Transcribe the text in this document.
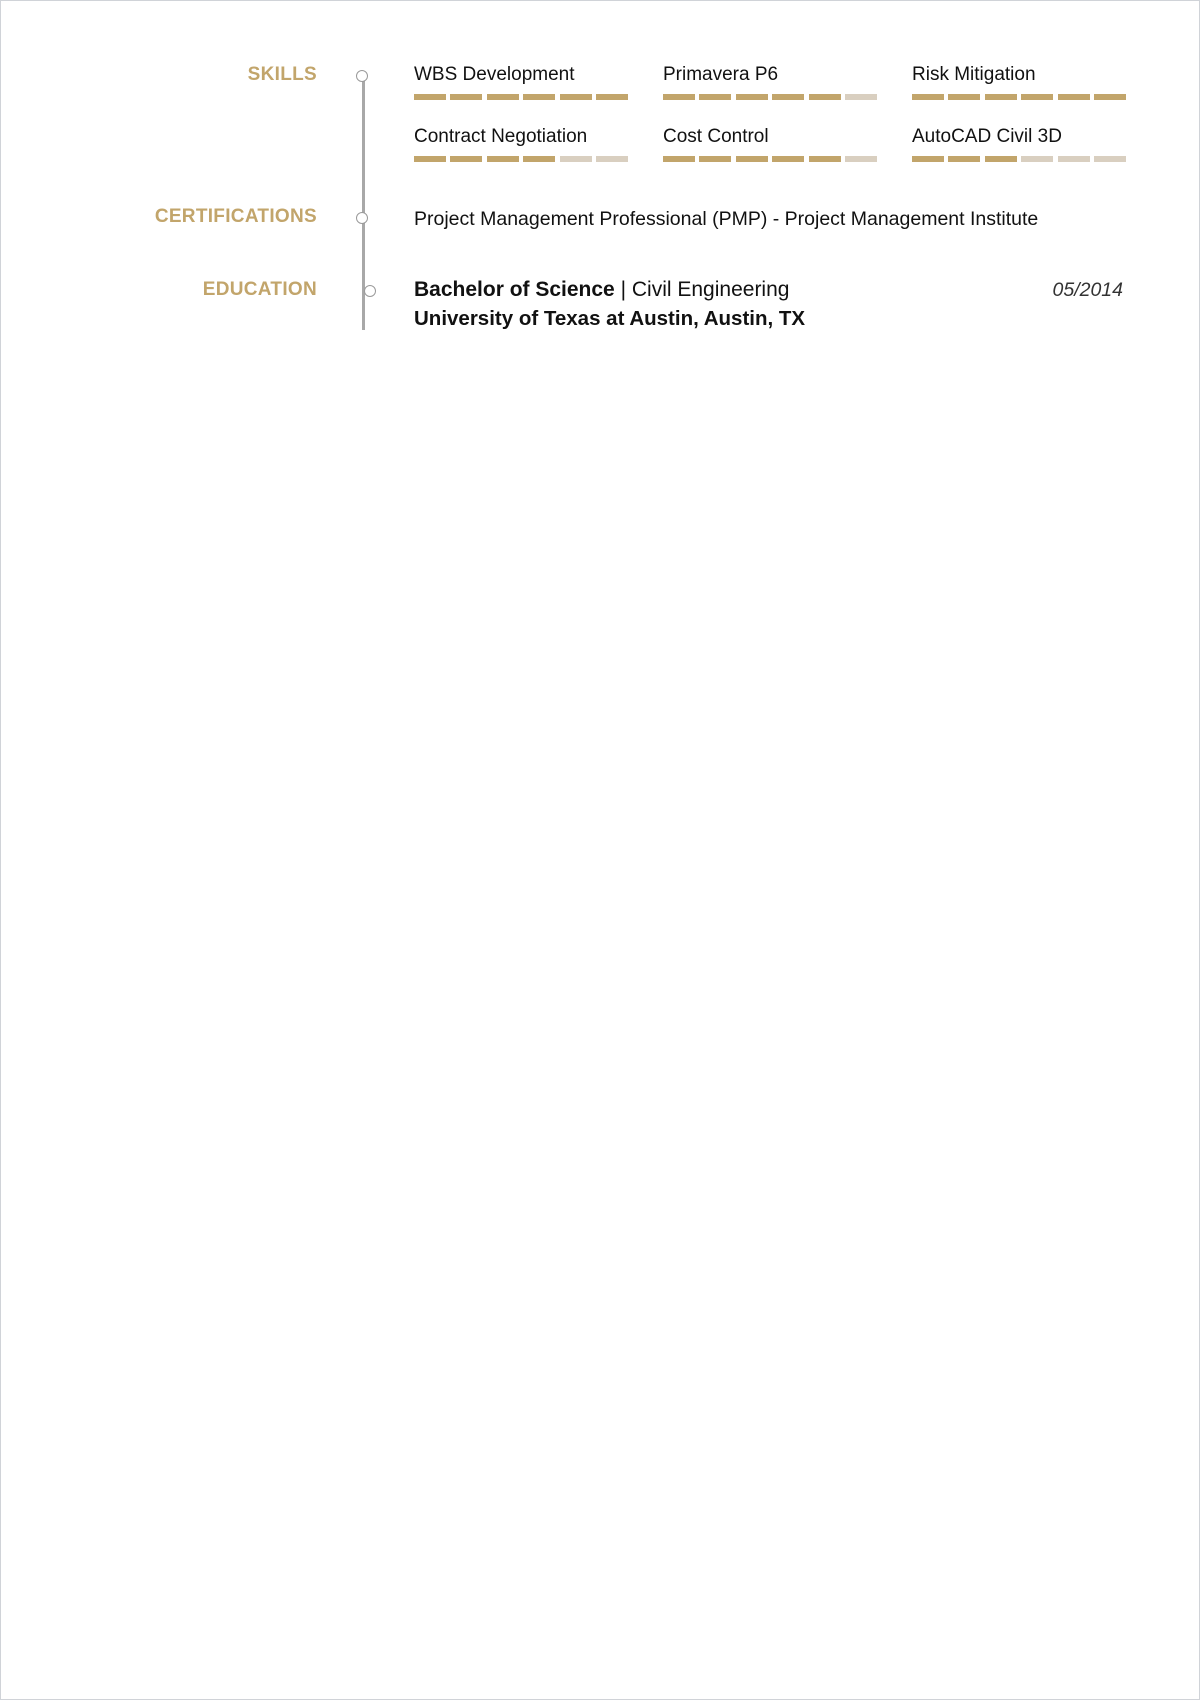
SKILLS	WBS Development	Primavera P6	Risk Mitigation
Contract Negotiation	Cost Control	AutoCAD Civil 3D
CERTIFICATIONS	Project Management Professional (PMP) - Project Management Institute
EDUCATION	Bachelor of Science | Civil Engineering	05/2014
University of Texas at Austin, Austin, TX
